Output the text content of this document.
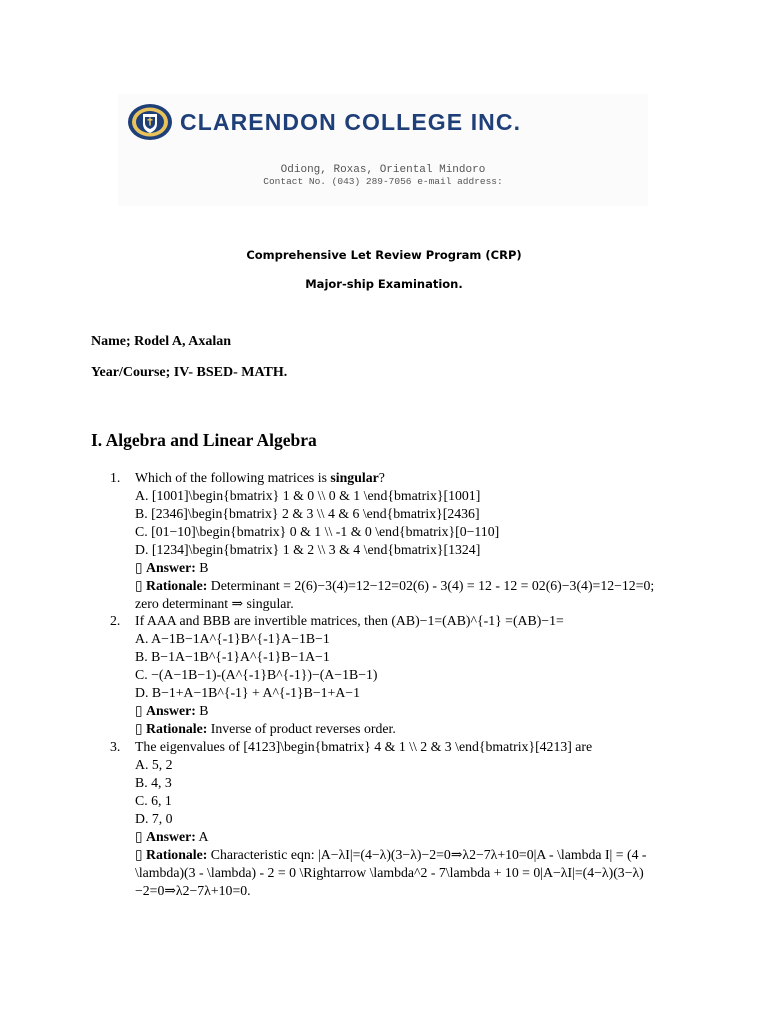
CLARENDON COLLEGE INC.
Odiong, Roxas, Oriental Mindoro
Contact No. (043) 289-7056 e-mail address:
Comprehensive Let Review Program (CRP)
Major-ship Examination.
Name; Rodel A, Axalan
Year/Course; IV- BSED- MATH.
I. Algebra and Linear Algebra
1. Which of the following matrices is singular?
A. [1001]\begin{bmatrix} 1 & 0 \\ 0 & 1 \end{bmatrix}[1001]
B. [2346]\begin{bmatrix} 2 & 3 \\ 4 & 6 \end{bmatrix}[2436]
C. [01−10]\begin{bmatrix} 0 & 1 \\ -1 & 0 \end{bmatrix}[0−110]
D. [1234]\begin{bmatrix} 1 & 2 \\ 3 & 4 \end{bmatrix}[1324]
▯ Answer: B
▯ Rationale: Determinant = 2(6)−3(4)=12−12=02(6) - 3(4) = 12 - 12 = 02(6)−3(4)=12−12=0; zero determinant ⇒ singular.
2. If AAA and BBB are invertible matrices, then (AB)−1=(AB)^{-1} =(AB)−1=
A. A−1B−1A^{-1}B^{-1}A−1B−1
B. B−1A−1B^{-1}A^{-1}B−1A−1
C. −(A−1B−1)-(A^{-1}B^{-1})−(A−1B−1)
D. B−1+A−1B^{-1} + A^{-1}B−1+A−1
▯ Answer: B
▯ Rationale: Inverse of product reverses order.
3. The eigenvalues of [4123]\begin{bmatrix} 4 & 1 \\ 2 & 3 \end{bmatrix}[4213] are
A. 5, 2
B. 4, 3
C. 6, 1
D. 7, 0
▯ Answer: A
▯ Rationale: Characteristic eqn: |A−λI|=(4−λ)(3−λ)−2=0⇒λ2−7λ+10=0|A - \lambda I| = (4 - \lambda)(3 - \lambda) - 2 = 0 \Rightarrow \lambda^2 - 7\lambda + 10 = 0|A−λI|=(4−λ)(3−λ)−2=0⇒λ2−7λ+10=0.
